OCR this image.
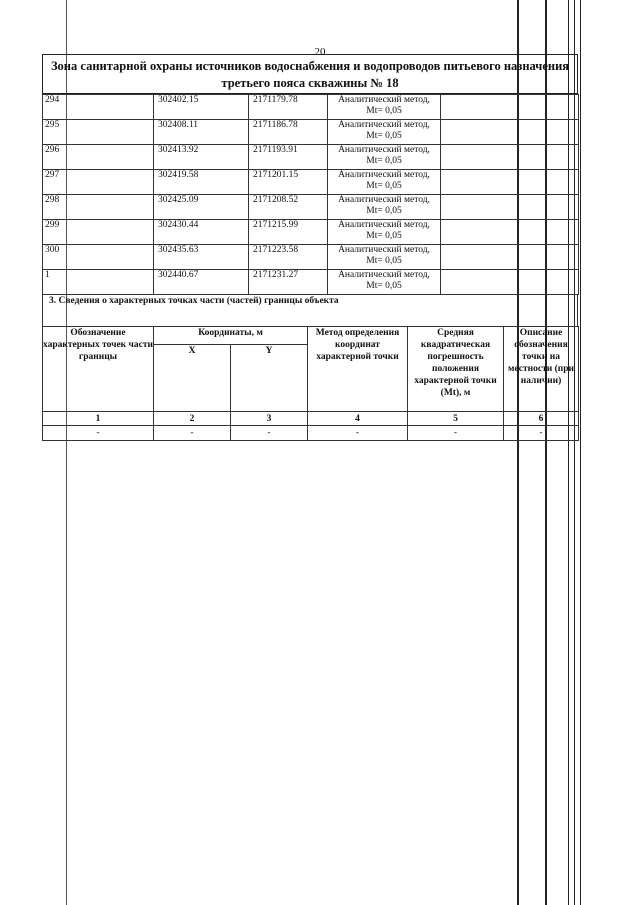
20
Зона санитарной охраны источников водоснабжения и водопроводов питьевого назначения третьего пояса скважины № 18
294	302402.15	2171179.78	Аналитический метод,
Mt= 0,05	

295	302408.11	2171186.78	Аналитический метод,
Mt= 0,05	

296	302413.92	2171193.91	Аналитический метод,
Mt= 0,05	

297	302419.58	2171201.15	Аналитический метод,
Mt= 0,05	

298	302425.09	2171208.52	Аналитический метод,
Mt= 0,05	

299	302430.44	2171215.99	Аналитический метод,
Mt= 0,05	

300	302435.63	2171223.58	Аналитический метод,
Mt= 0,05	

1	302440.67	2171231.27	Аналитический метод,
Mt= 0,05	

3. Сведения о характерных точках части (частей) границы объекта
Обозначение характерных точек части границы	Координаты, м		Метод определения координат характерной точки	Средняя квадратическая погрешность положения характерной точки (Mt), м	Описание обозначения точки на местности (при наличии)
	X	Y			
1	2	3	4	5	6
-	-	-	-	-	-
